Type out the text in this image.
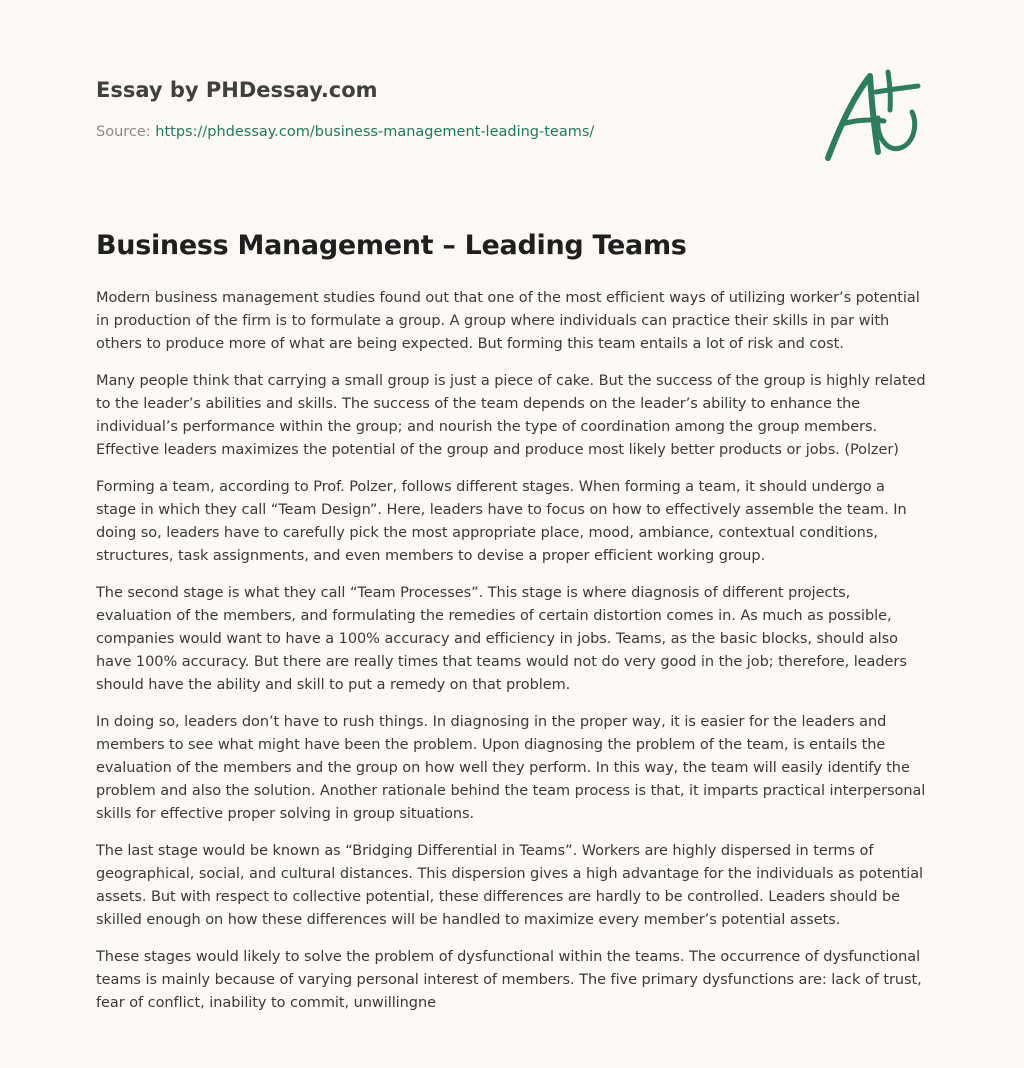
Essay by PHDessay.com
Source: https://phdessay.com/business-management-leading-teams/
Business Management – Leading Teams

Modern business management studies found out that one of the most efficient ways of utilizing worker’s potential in production of the firm is to formulate a group. A group where individuals can practice their skills in par with others to produce more of what are being expected. But forming this team entails a lot of risk and cost.

Many people think that carrying a small group is just a piece of cake. But the success of the group is highly related to the leader’s abilities and skills. The success of the team depends on the leader’s ability to enhance the individual’s performance within the group; and nourish the type of coordination among the group members. Effective leaders maximizes the potential of the group and produce most likely better products or jobs. (Polzer)

Forming a team, according to Prof. Polzer, follows different stages. When forming a team, it should undergo a stage in which they call “Team Design”. Here, leaders have to focus on how to effectively assemble the team. In doing so, leaders have to carefully pick the most appropriate place, mood, ambiance, contextual conditions, structures, task assignments, and even members to devise a proper efficient working group.

The second stage is what they call “Team Processes”. This stage is where diagnosis of different projects, evaluation of the members, and formulating the remedies of certain distortion comes in. As much as possible, companies would want to have a 100% accuracy and efficiency in jobs. Teams, as the basic blocks, should also have 100% accuracy. But there are really times that teams would not do very good in the job; therefore, leaders should have the ability and skill to put a remedy on that problem.

In doing so, leaders don’t have to rush things. In diagnosing in the proper way, it is easier for the leaders and members to see what might have been the problem. Upon diagnosing the problem of the team, is entails the evaluation of the members and the group on how well they perform. In this way, the team will easily identify the problem and also the solution. Another rationale behind the team process is that, it imparts practical interpersonal skills for effective proper solving in group situations.

The last stage would be known as “Bridging Differential in Teams”. Workers are highly dispersed in terms of geographical, social, and cultural distances. This dispersion gives a high advantage for the individuals as potential assets. But with respect to collective potential, these differences are hardly to be controlled. Leaders should be skilled enough on how these differences will be handled to maximize every member’s potential assets.

These stages would likely to solve the problem of dysfunctional within the teams. The occurrence of dysfunctional teams is mainly because of varying personal interest of members. The five primary dysfunctions are: lack of trust, fear of conflict, inability to commit, unwillingne
